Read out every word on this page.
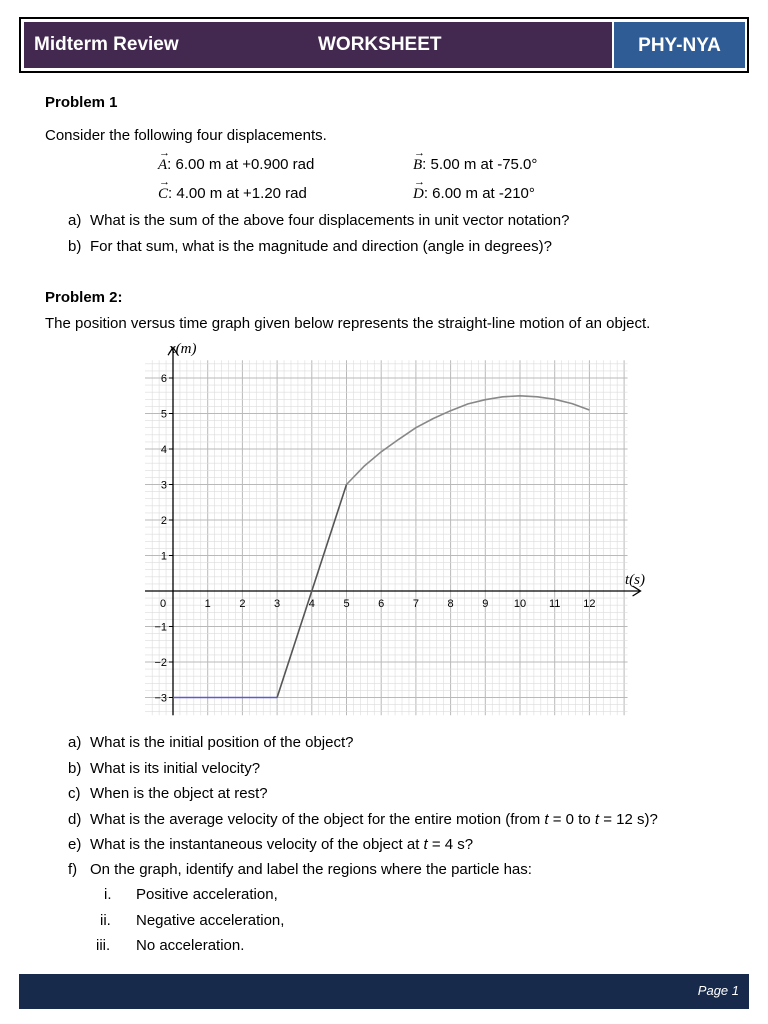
Midterm Review	WORKSHEET	PHY-NYA
Problem 1
Consider the following four displacements.
→ A: 6.00 m at +0.900 rad	→ B: 5.00 m at -75.0°
→ C: 4.00 m at +1.20 rad	→ D: 6.00 m at -210°
a) What is the sum of the above four displacements in unit vector notation?
b) For that sum, what is the magnitude and direction (angle in degrees)?
Problem 2:
The position versus time graph given below represents the straight-line motion of an object.
0	1	2	3	4	5	6	7	8	9 10 11 12
−3
−2
−1
1
2
3
4
5
6
x(m)
t(s)
a) What is the initial position of the object?
b) What is its initial velocity?
c) When is the object at rest?
d) What is the average velocity of the object for the entire motion (from t = 0 to t = 12 s)?
e) What is the instantaneous velocity of the object at t = 4 s?
f) On the graph, identify and label the regions where the particle has:
i. Positive acceleration,
ii. Negative acceleration,
iii. No acceleration.
Page 1
